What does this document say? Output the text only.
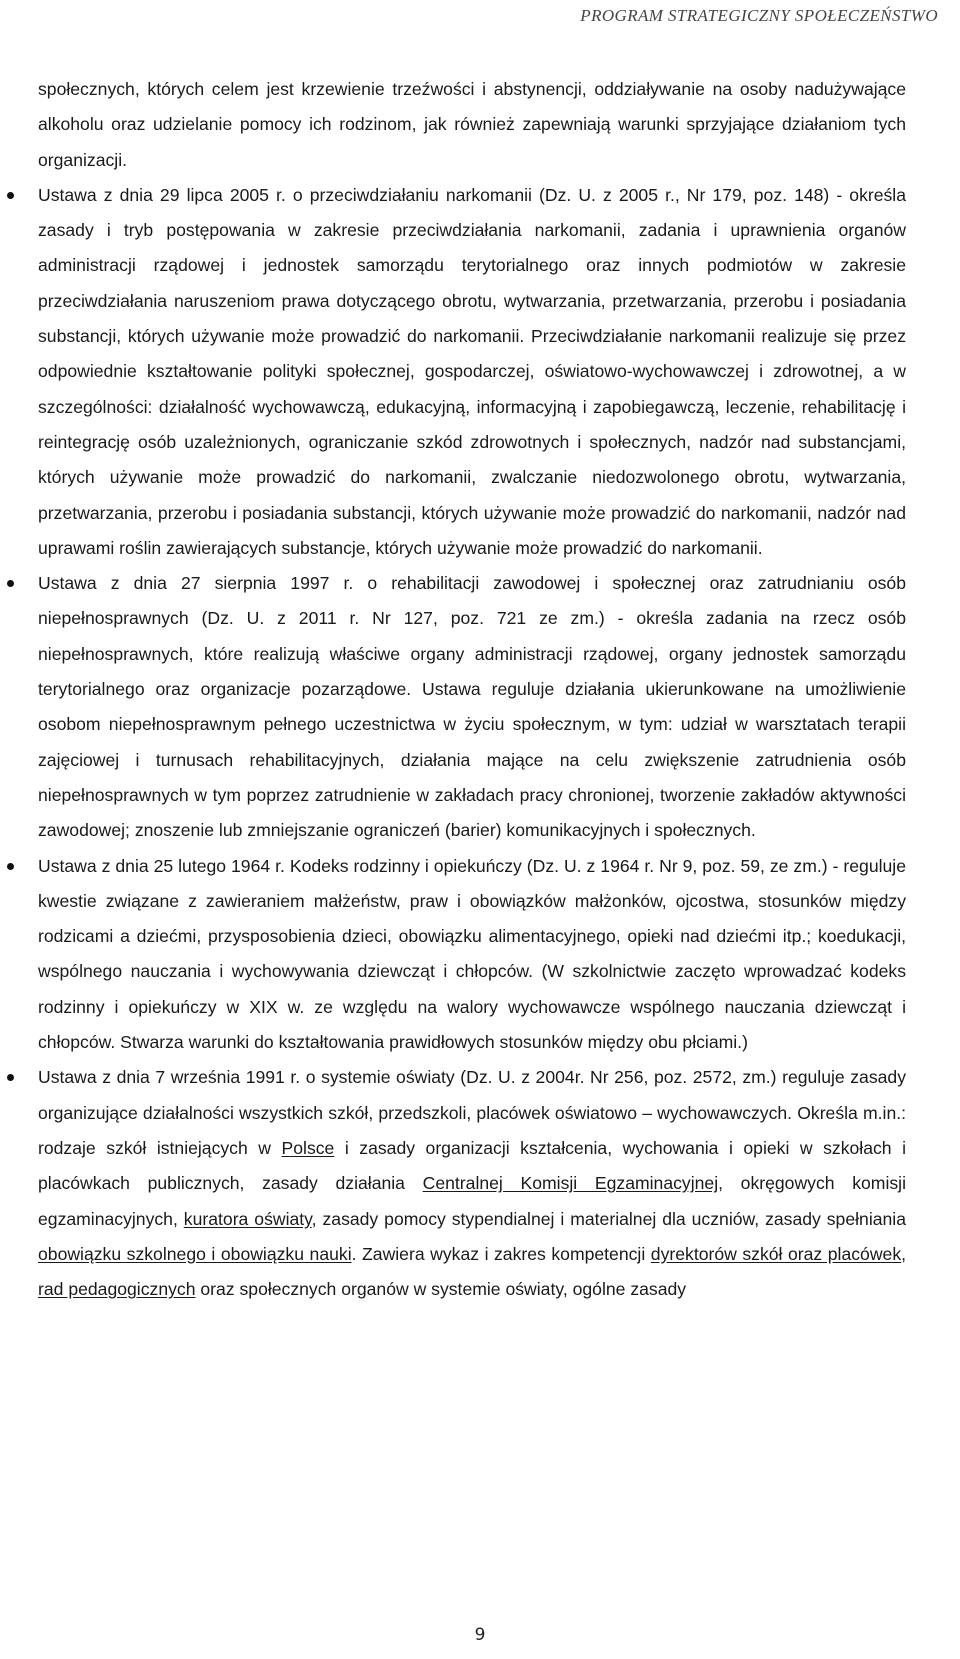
PROGRAM STRATEGICZNY SPOŁECZEŃSTWO

społecznych, których celem jest krzewienie trzeźwości i abstynencji, oddziaływanie na osoby nadużywające alkoholu oraz udzielanie pomocy ich rodzinom, jak również zapewniają warunki sprzyjające działaniom tych organizacji.

Ustawa z dnia 29 lipca 2005 r. o przeciwdziałaniu narkomanii (Dz. U. z 2005 r., Nr 179, poz. 148) - określa zasady i tryb postępowania w zakresie przeciwdziałania narkomanii, zadania i uprawnienia organów administracji rządowej i jednostek samorządu terytorialnego oraz innych podmiotów w zakresie przeciwdziałania naruszeniom prawa dotyczącego obrotu, wytwarzania, przetwarzania, przerobu i posiadania substancji, których używanie może prowadzić do narkomanii. Przeciwdziałanie narkomanii realizuje się przez odpowiednie kształtowanie polityki społecznej, gospodarczej, oświatowo-wychowawczej i zdrowotnej, a w szczególności: działalność wychowawczą, edukacyjną, informacyjną i zapobiegawczą, leczenie, rehabilitację i reintegrację osób uzależnionych, ograniczanie szkód zdrowotnych i społecznych, nadzór nad substancjami, których używanie może prowadzić do narkomanii, zwalczanie niedozwolonego obrotu, wytwarzania, przetwarzania, przerobu i posiadania substancji, których używanie może prowadzić do narkomanii, nadzór nad uprawami roślin zawierających substancje, których używanie może prowadzić do narkomanii.
Ustawa z dnia 27 sierpnia 1997 r. o rehabilitacji zawodowej i społecznej oraz zatrudnianiu osób niepełnosprawnych (Dz. U. z 2011 r. Nr 127, poz. 721 ze zm.) - określa zadania na rzecz osób niepełnosprawnych, które realizują właściwe organy administracji rządowej, organy jednostek samorządu terytorialnego oraz organizacje pozarządowe. Ustawa reguluje działania ukierunkowane na umożliwienie osobom niepełnosprawnym pełnego uczestnictwa w życiu społecznym, w tym: udział w warsztatach terapii zajęciowej i turnusach rehabilitacyjnych, działania mające na celu zwiększenie zatrudnienia osób niepełnosprawnych w tym poprzez zatrudnienie w zakładach pracy chronionej, tworzenie zakładów aktywności zawodowej; znoszenie lub zmniejszanie ograniczeń (barier) komunikacyjnych i społecznych.
Ustawa z dnia 25 lutego 1964 r. Kodeks rodzinny i opiekuńczy (Dz. U. z 1964 r. Nr 9, poz. 59, ze zm.) - reguluje kwestie związane z zawieraniem małżeństw, praw i obowiązków małżonków, ojcostwa, stosunków między rodzicami a dziećmi, przysposobienia dzieci, obowiązku alimentacyjnego, opieki nad dziećmi itp.; koedukacji, wspólnego nauczania i wychowywania dziewcząt i chłopców. (W szkolnictwie zaczęto wprowadzać kodeks rodzinny i opiekuńczy w XIX w. ze względu na walory wychowawcze wspólnego nauczania dziewcząt i chłopców. Stwarza warunki do kształtowania prawidłowych stosunków między obu płciami.)
Ustawa z dnia 7 września 1991 r. o systemie oświaty (Dz. U. z 2004r. Nr 256, poz. 2572, zm.) reguluje zasady organizujące działalności wszystkich szkół, przedszkoli, placówek oświatowo – wychowawczych. Określa m.in.: rodzaje szkół istniejących w Polsce i zasady organizacji kształcenia, wychowania i opieki w szkołach i placówkach publicznych, zasady działania Centralnej Komisji Egzaminacyjnej, okręgowych komisji egzaminacyjnych, kuratora oświaty, zasady pomocy stypendialnej i materialnej dla uczniów, zasady spełniania obowiązku szkolnego i obowiązku nauki. Zawiera wykaz i zakres kompetencji dyrektorów szkół oraz placówek, rad pedagogicznych oraz społecznych organów w systemie oświaty, ogólne zasady
9
